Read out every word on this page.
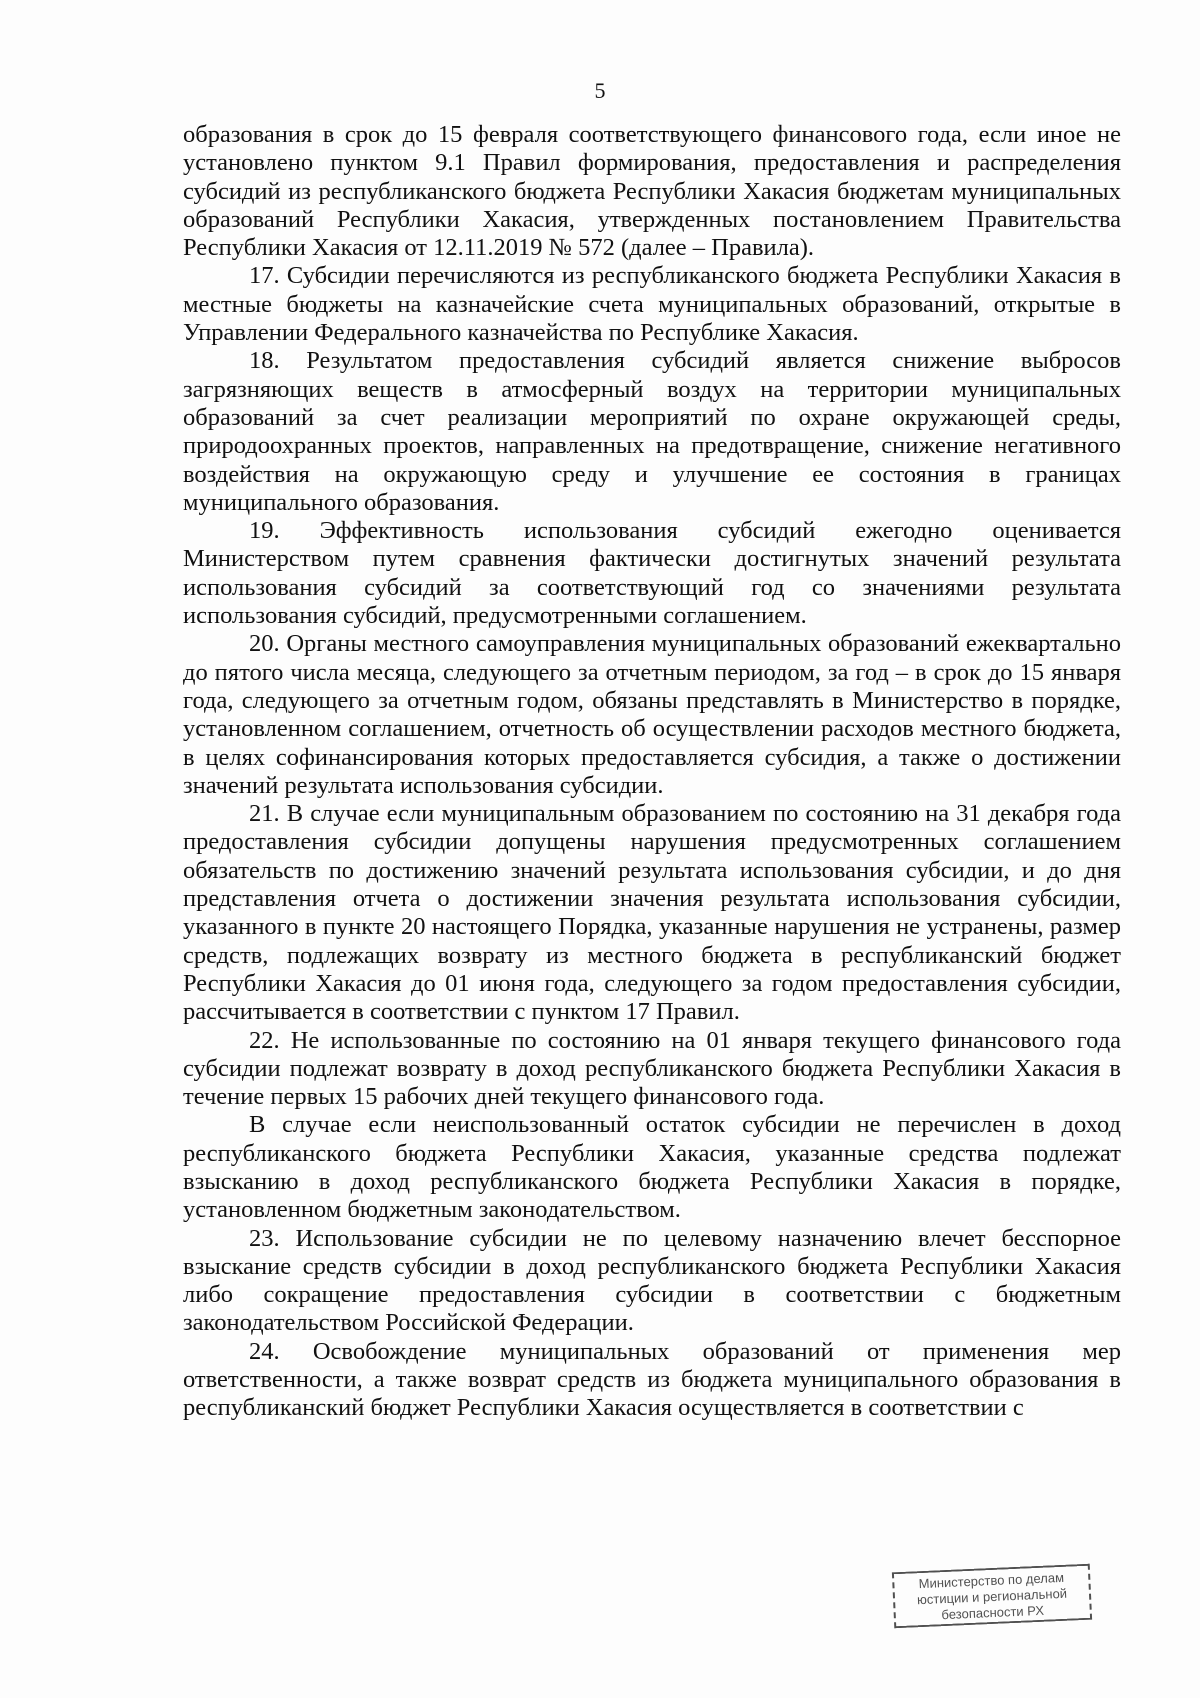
5

образования в срок до 15 февраля соответствующего финансового года, если иное не установлено пунктом 9.1 Правил формирования, предоставления и распределения субсидий из республиканского бюджета Республики Хакасия бюджетам муниципальных образований Республики Хакасия, утвержденных постановлением Правительства Республики Хакасия от 12.11.2019 № 572 (далее – Правила).

17. Субсидии перечисляются из республиканского бюджета Республики Хакасия в местные бюджеты на казначейские счета муниципальных образований, открытые в Управлении Федерального казначейства по Республике Хакасия.

18. Результатом предоставления субсидий является снижение выбросов загрязняющих веществ в атмосферный воздух на территории муниципальных образований за счет реализации мероприятий по охране окружающей среды, природоохранных проектов, направленных на предотвращение, снижение негативного воздействия на окружающую среду и улучшение ее состояния в границах муниципального образования.

19. Эффективность использования субсидий ежегодно оценивается Министерством путем сравнения фактически достигнутых значений результата использования субсидий за соответствующий год со значениями результата использования субсидий, предусмотренными соглашением.

20. Органы местного самоуправления муниципальных образований ежеквартально до пятого числа месяца, следующего за отчетным периодом, за год – в срок до 15 января года, следующего за отчетным годом, обязаны представлять в Министерство в порядке, установленном соглашением, отчетность об осуществлении расходов местного бюджета, в целях софинансирования которых предоставляется субсидия, а также о достижении значений результата использования субсидии.

21. В случае если муниципальным образованием по состоянию на 31 декабря года предоставления субсидии допущены нарушения предусмотренных соглашением обязательств по достижению значений результата использования субсидии, и до дня представления отчета о достижении значения результата использования субсидии, указанного в пункте 20 настоящего Порядка, указанные нарушения не устранены, размер средств, подлежащих возврату из местного бюджета в республиканский бюджет Республики Хакасия до 01 июня года, следующего за годом предоставления субсидии, рассчитывается в соответствии с пунктом 17 Правил.

22. Не использованные по состоянию на 01 января текущего финансового года субсидии подлежат возврату в доход республиканского бюджета Республики Хакасия в течение первых 15 рабочих дней текущего финансового года.

В случае если неиспользованный остаток субсидии не перечислен в доход республиканского бюджета Республики Хакасия, указанные средства подлежат взысканию в доход республиканского бюджета Республики Хакасия в порядке, установленном бюджетным законодательством.

23. Использование субсидии не по целевому назначению влечет бесспорное взыскание средств субсидии в доход республиканского бюджета Республики Хакасия либо сокращение предоставления субсидии в соответствии с бюджетным законодательством Российской Федерации.

24. Освобождение муниципальных образований от применения мер ответственности, а также возврат средств из бюджета муниципального образования в республиканский бюджет Республики Хакасия осуществляется в соответствии с

Министерство по делам
юстиции и региональной
безопасности РХ
